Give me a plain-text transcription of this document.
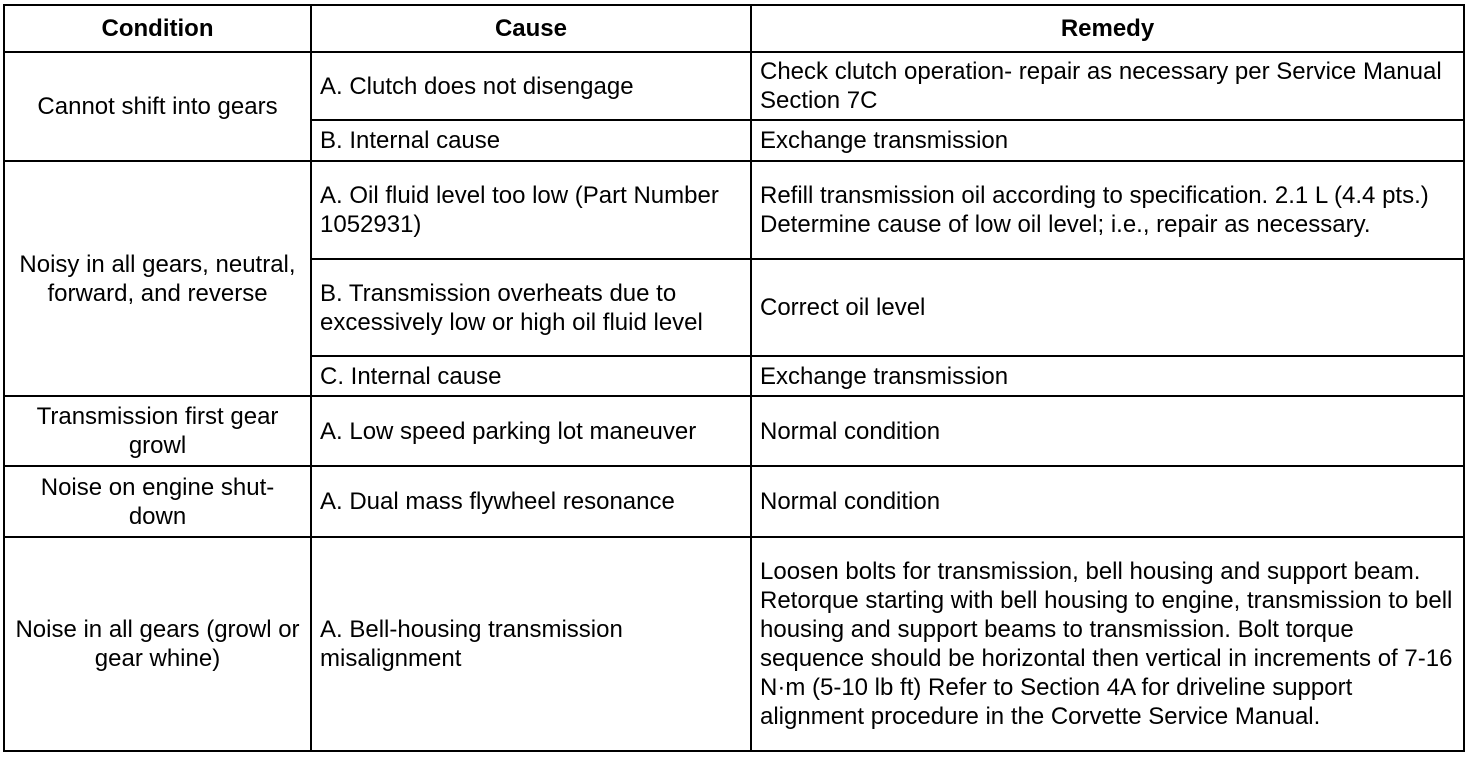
Condition	Cause	Remedy
Cannot shift into gears	A. Clutch does not disengage	Check clutch operation- repair as necessary per Service Manual Section 7C
	B. Internal cause	Exchange transmission
Noisy in all gears, neutral, forward, and reverse	A. Oil fluid level too low (Part Number 1052931)	Refill transmission oil according to specification. 2.1 L (4.4 pts.) Determine cause of low oil level; i.e., repair as necessary.
	B. Transmission overheats due to excessively low or high oil fluid level	Correct oil level
	C. Internal cause	Exchange transmission
Transmission first gear growl	A. Low speed parking lot maneuver	Normal condition
Noise on engine shut-down	A. Dual mass flywheel resonance	Normal condition
Noise in all gears (growl or gear whine)	A. Bell-housing transmission misalignment	Loosen bolts for transmission, bell housing and support beam. Retorque starting with bell housing to engine, transmission to bell housing and support beams to transmission. Bolt torque sequence should be horizontal then vertical in increments of 7-16 N·m (5-10 lb ft) Refer to Section 4A for driveline support alignment procedure in the Corvette Service Manual.
